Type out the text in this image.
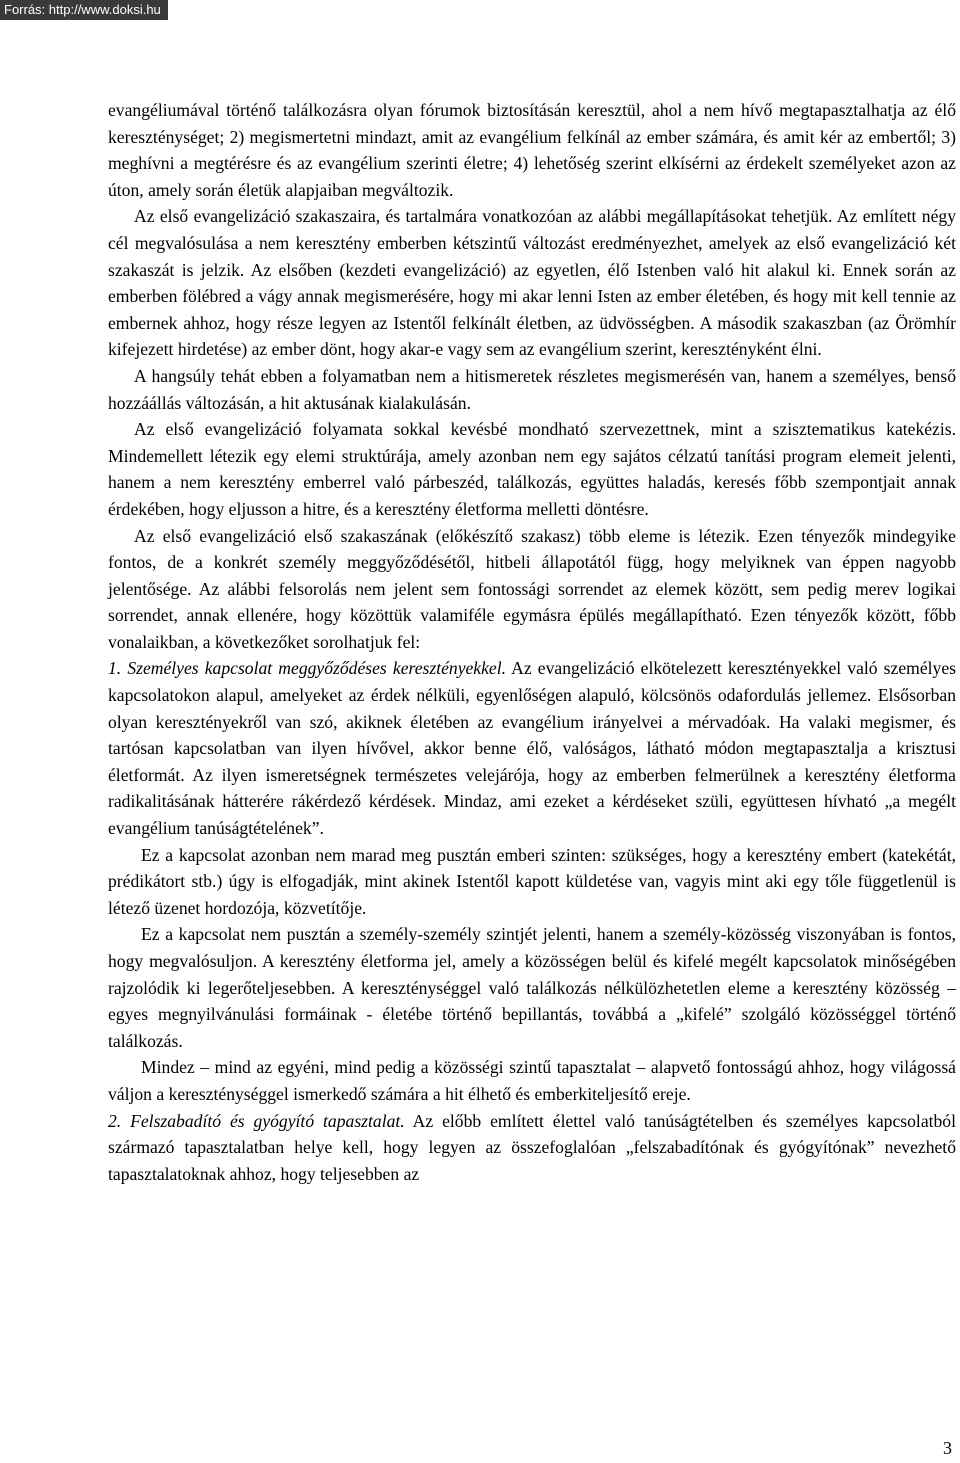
Forrás: http://www.doksi.hu

evangéliumával történő találkozásra olyan fórumok biztosításán keresztül, ahol a nem hívő megtapasztalhatja az élő kereszténységet; 2) megismertetni mindazt, amit az evangélium felkínál az ember számára, és amit kér az embertől; 3) meghívni a megtérésre és az evangélium szerinti életre; 4) lehetőség szerint elkísérni az érdekelt személyeket azon az úton, amely során életük alapjaiban megváltozik.

Az első evangelizáció szakaszaira, és tartalmára vonatkozóan az alábbi megállapításokat tehetjük. Az említett négy cél megvalósulása a nem keresztény emberben kétszintű változást eredményezhet, amelyek az első evangelizáció két szakaszát is jelzik. Az elsőben (kezdeti evangelizáció) az egyetlen, élő Istenben való hit alakul ki. Ennek során az emberben fölébred a vágy annak megismerésére, hogy mi akar lenni Isten az ember életében, és hogy mit kell tennie az embernek ahhoz, hogy része legyen az Istentől felkínált életben, az üdvösségben. A második szakaszban (az Örömhír kifejezett hirdetése) az ember dönt, hogy akar-e vagy sem az evangélium szerint, keresztényként élni.

A hangsúly tehát ebben a folyamatban nem a hitismeretek részletes megismerésén van, hanem a személyes, benső hozzáállás változásán, a hit aktusának kialakulásán.

Az első evangelizáció folyamata sokkal kevésbé mondható szervezettnek, mint a szisztematikus katekézis. Mindemellett létezik egy elemi struktúrája, amely azonban nem egy sajátos célzatú tanítási program elemeit jelenti, hanem a nem keresztény emberrel való párbeszéd, találkozás, együttes haladás, keresés főbb szempontjait annak érdekében, hogy eljusson a hitre, és a keresztény életforma melletti döntésre.

Az első evangelizáció első szakaszának (előkészítő szakasz) több eleme is létezik. Ezen tényezők mindegyike fontos, de a konkrét személy meggyőződésétől, hitbeli állapotától függ, hogy melyiknek van éppen nagyobb jelentősége. Az alábbi felsorolás nem jelent sem fontossági sorrendet az elemek között, sem pedig merev logikai sorrendet, annak ellenére, hogy közöttük valamiféle egymásra épülés megállapítható. Ezen tényezők között, főbb vonalaikban, a következőket sorolhatjuk fel:

1. Személyes kapcsolat meggyőződéses keresztényekkel. Az evangelizáció elkötelezett keresztényekkel való személyes kapcsolatokon alapul, amelyeket az érdek nélküli, egyenlőségen alapuló, kölcsönös odafordulás jellemez. Elsősorban olyan keresztényekről van szó, akiknek életében az evangélium irányelvei a mérvadóak. Ha valaki megismer, és tartósan kapcsolatban van ilyen hívővel, akkor benne élő, valóságos, látható módon megtapasztalja a krisztusi életformát. Az ilyen ismeretségnek természetes velejárója, hogy az emberben felmerülnek a keresztény életforma radikalitásának hátterére rákérdező kérdések. Mindaz, ami ezeket a kérdéseket szüli, együttesen hívható „a megélt evangélium tanúságtételének”.

Ez a kapcsolat azonban nem marad meg pusztán emberi szinten: szükséges, hogy a keresztény embert (katekétát, prédikátort stb.) úgy is elfogadják, mint akinek Istentől kapott küldetése van, vagyis mint aki egy tőle függetlenül is létező üzenet hordozója, közvetítője.

Ez a kapcsolat nem pusztán a személy-személy szintjét jelenti, hanem a személy-közösség viszonyában is fontos, hogy megvalósuljon. A keresztény életforma jel, amely a közösségen belül és kifelé megélt kapcsolatok minőségében rajzolódik ki legerőteljesebben. A kereszténységgel való találkozás nélkülözhetetlen eleme a keresztény közösség – egyes megnyilvánulási formáinak - életébe történő bepillantás, továbbá a „kifelé” szolgáló közösséggel történő találkozás.

Mindez – mind az egyéni, mind pedig a közösségi szintű tapasztalat – alapvető fontosságú ahhoz, hogy világossá váljon a kereszténységgel ismerkedő számára a hit élhető és emberkiteljesítő ereje.

2. Felszabadító és gyógyító tapasztalat. Az előbb említett élettel való tanúságtételben és személyes kapcsolatból származó tapasztalatban helye kell, hogy legyen az összefoglalóan „felszabadítónak és gyógyítónak” nevezhető tapasztalatoknak ahhoz, hogy teljesebben az

3
